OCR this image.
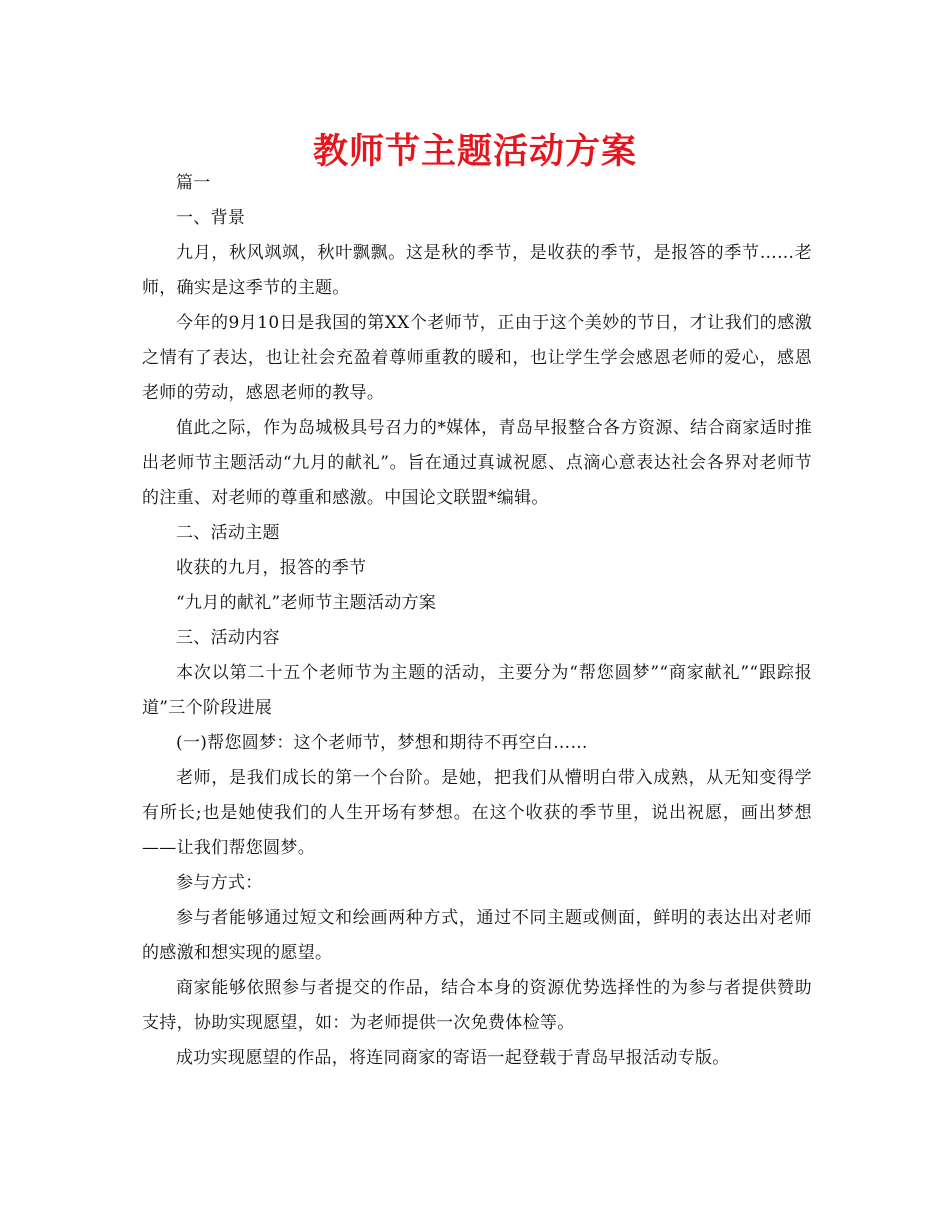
教师节主题活动方案

篇一

一、背景

九月，秋风飒飒，秋叶飘飘。这是秋的季节，是收获的季节，是报答的季节……老师，确实是这季节的主题。

今年的9月10日是我国的第XX个老师节，正由于这个美妙的节日，才让我们的感激之情有了表达，也让社会充盈着尊师重教的暖和，也让学生学会感恩老师的爱心，感恩老师的劳动，感恩老师的教导。

值此之际，作为岛城极具号召力的*媒体，青岛早报整合各方资源、结合商家适时推出老师节主题活动“九月的献礼”。旨在通过真诚祝愿、点滴心意表达社会各界对老师节的注重、对老师的尊重和感激。中国论文联盟*编辑。

二、活动主题

收获的九月，报答的季节

“九月的献礼”老师节主题活动方案

三、活动内容

本次以第二十五个老师节为主题的活动，主要分为“帮您圆梦”“商家献礼”“跟踪报道”三个阶段进展

(一)帮您圆梦：这个老师节，梦想和期待不再空白……

老师，是我们成长的第一个台阶。是她，把我们从懵明白带入成熟，从无知变得学有所长;也是她使我们的人生开场有梦想。在这个收获的季节里，说出祝愿，画出梦想——让我们帮您圆梦。

参与方式：

参与者能够通过短文和绘画两种方式，通过不同主题或侧面，鲜明的表达出对老师的感激和想实现的愿望。

商家能够依照参与者提交的作品，结合本身的资源优势选择性的为参与者提供赞助支持，协助实现愿望，如：为老师提供一次免费体检等。

成功实现愿望的作品，将连同商家的寄语一起登载于青岛早报活动专版。
